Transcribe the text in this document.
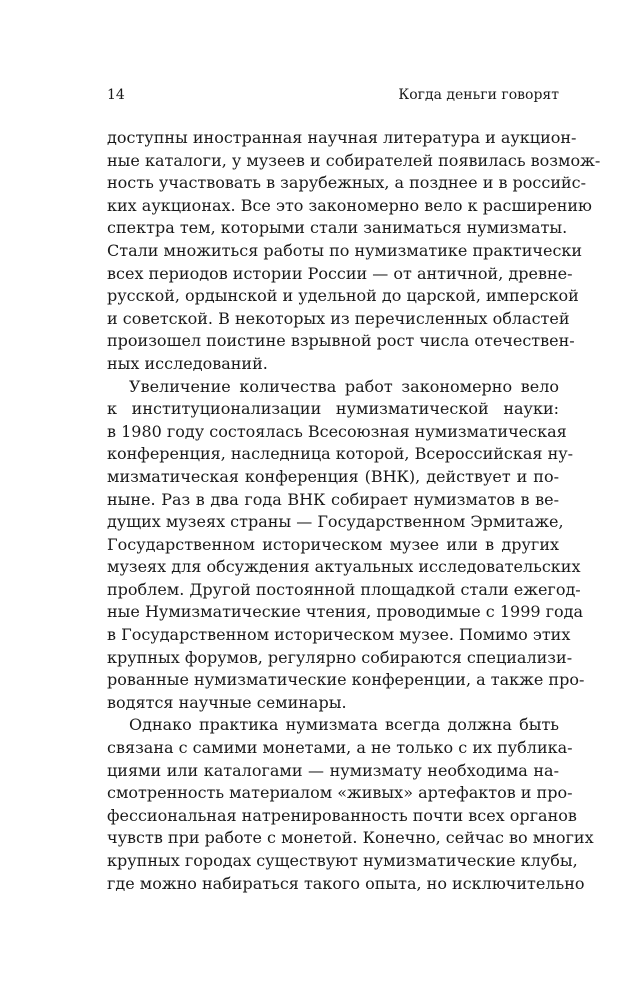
14	Когда деньги говорят
доступны иностранная научная литература и аукцион-
ные каталоги, у музеев и собирателей появилась возмож-
ность участвовать в зарубежных, а позднее и в российс-
ких аукционах. Все это закономерно вело к расширению
спектра тем, которыми стали заниматься нумизматы.
Стали множиться работы по нумизматике практически
всех периодов истории России — от античной, древне-
русской, ордынской и удельной до царской, имперской
и советской. В некоторых из перечисленных областей
произошел поистине взрывной рост числа отечествен-
ных исследований.
Увеличение количества работ закономерно вело
к институционализации нумизматической науки:
в 1980 году состоялась Всесоюзная нумизматическая
конференция, наследница которой, Всероссийская ну-
мизматическая конференция (ВНК), действует и по-
ныне. Раз в два года ВНК собирает нумизматов в ве-
дущих музеях страны — Государственном Эрмитаже,
Государственном историческом музее или в других
музеях для обсуждения актуальных исследовательских
проблем. Другой постоянной площадкой стали ежегод-
ные Нумизматические чтения, проводимые с 1999 года
в Государственном историческом музее. Помимо этих
крупных форумов, регулярно собираются специализи-
рованные нумизматические конференции, а также про-
водятся научные семинары.
Однако практика нумизмата всегда должна быть
связана с самими монетами, а не только с их публика-
циями или каталогами — нумизмату необходима на-
смотренность материалом «живых» артефактов и про-
фессиональная натренированность почти всех органов
чувств при работе с монетой. Конечно, сейчас во многих
крупных городах существуют нумизматические клубы,
где можно набираться такого опыта, но исключительно
